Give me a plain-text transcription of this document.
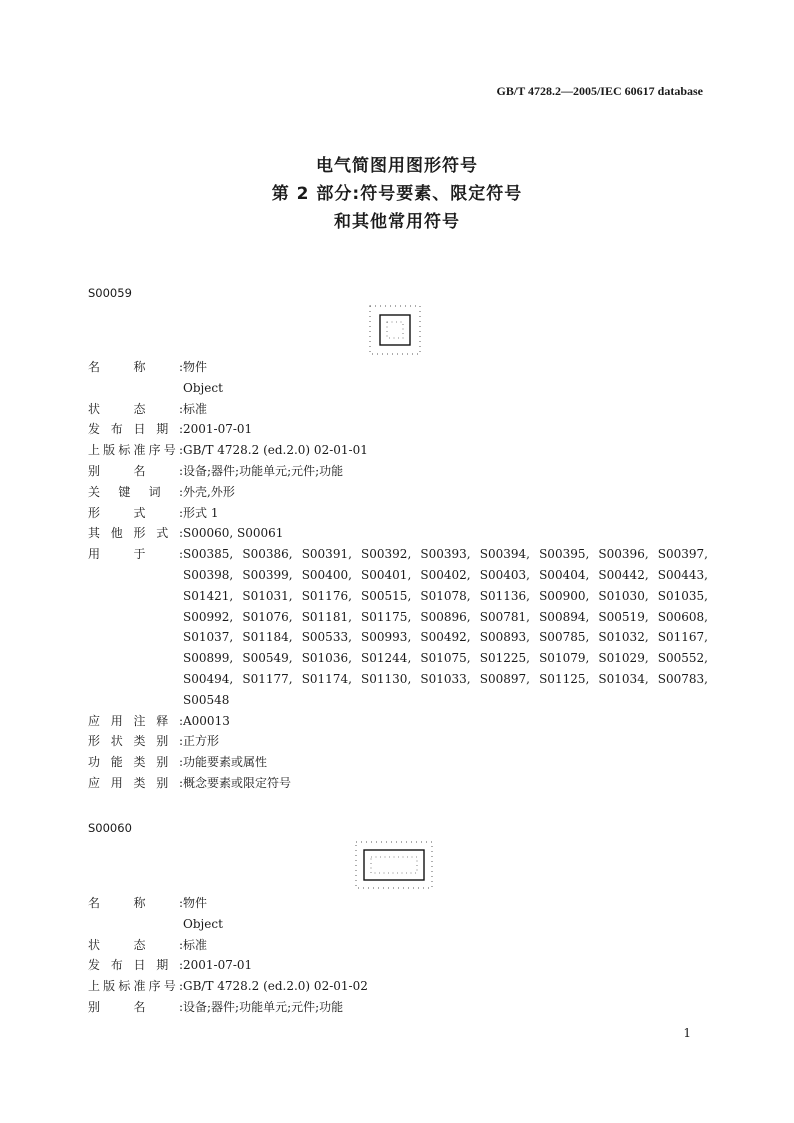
GB/T 4728.2—2005/IEC 60617 database
电气简图用图形符号
第 2 部分:符号要素、限定符号
和其他常用符号
S00059
名	称	: 物件
Object
状	态	: 标准
发 布 日 期 : 2001-07-01
上 版 标 准 序 号 : GB/T 4728.2 (ed.2.0) 02-01-01
别	名	: 设备;器件;功能单元;元件;功能
关 键 词 : 外壳,外形
形	式	: 形式 1
其 他 形 式 : S00060, S00061
用	于	: S00385, S00386, S00391, S00392, S00393, S00394, S00395, S00396, S00397, S00398, S00399, S00400, S00401, S00402, S00403, S00404, S00442, S00443, S01421, S01031, S01176, S00515, S01078, S01136, S00900, S01030, S01035, S00992, S01076, S01181, S01175, S00896, S00781, S00894, S00519, S00608, S01037, S01184, S00533, S00993, S00492, S00893, S00785, S01032, S01167, S00899, S00549, S01036, S01244, S01075, S01225, S01079, S01029, S00552, S00494, S01177, S01174, S01130, S01033, S00897, S01125, S01034, S00783, S00548
应 用 注 释 : A00013
形 状 类 别 : 正方形
功 能 类 别 : 功能要素或属性
应 用 类 别 : 概念要素或限定符号
S00060
名	称	: 物件
Object
状	态	: 标准
发 布 日 期 : 2001-07-01
上 版 标 准 序 号 : GB/T 4728.2 (ed.2.0) 02-01-02
别	名	: 设备;器件;功能单元;元件;功能
1
